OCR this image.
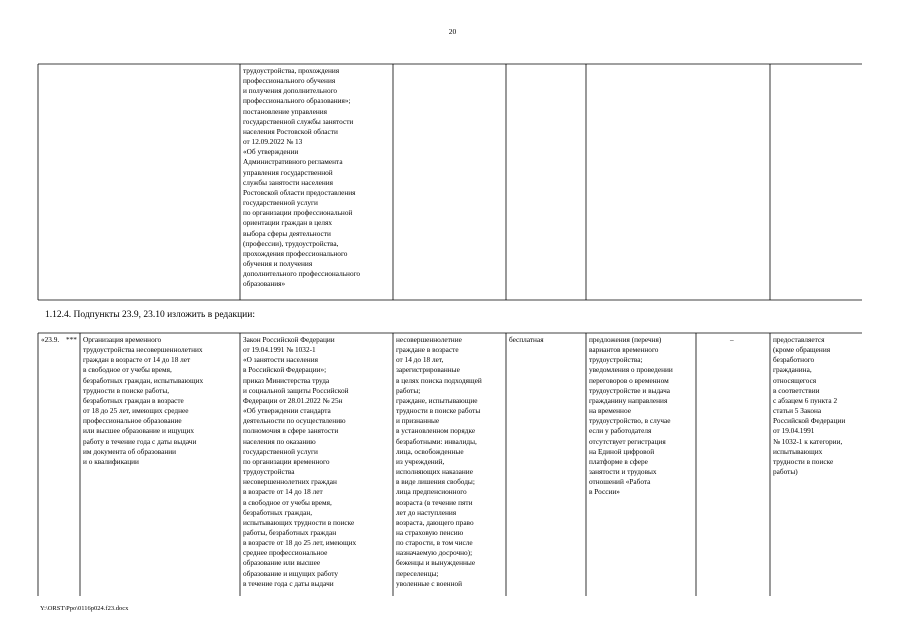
20
трудоустройства, прохождения
профессионального обучения
и получения дополнительного
профессионального образования»;
постановление управления
государственной службы занятости
населения Ростовской области
от 12.09.2022 № 13
«Об утверждении
Административного регламента
управления государственной
службы занятости населения
Ростовской области предоставления
государственной услуги
по организации профессиональной
ориентации граждан в целях
выбора сферы деятельности
(профессии), трудоустройства,
прохождения профессионального
обучения и получения
дополнительного профессионального
образования»
1.12.4. Подпункты 23.9, 23.10 изложить в редакции:
«23.9. *** Организация временного
трудоустройства несовершеннолетних
граждан в возрасте от 14 до 18 лет
в свободное от учебы время,
безработных граждан, испытывающих
трудности в поиске работы,
безработных граждан в возрасте
от 18 до 25 лет, имеющих среднее
профессиональное образование
или высшее образование и ищущих
работу в течение года с даты выдачи
им документа об образовании
и о квалификации
Закон Российской Федерации
от 19.04.1991 № 1032-1
«О занятости населения
в Российской Федерации»;
приказ Министерства труда
и социальной защиты Российской
Федерации от 28.01.2022 № 25н
«Об утверждении стандарта
деятельности по осуществлению
полномочия в сфере занятости
населения по оказанию
государственной услуги
по организации временного
трудоустройства
несовершеннолетних граждан
в возрасте от 14 до 18 лет
в свободное от учебы время,
безработных граждан,
испытывающих трудности в поиске
работы, безработных граждан
в возрасте от 18 до 25 лет, имеющих
среднее профессиональное
образование или высшее
образование и ищущих работу
в течение года с даты выдачи
несовершеннолетние
граждане в возрасте
от 14 до 18 лет,
зарегистрированные
в целях поиска подходящей
работы;
граждане, испытывающие
трудности в поиске работы
и признанные
в установленном порядке
безработными: инвалиды,
лица, освобожденные
из учреждений,
исполняющих наказание
в виде лишения свободы;
лица предпенсионного
возраста (в течение пяти
лет до наступления
возраста, дающего право
на страховую пенсию
по старости, в том числе
назначаемую досрочно);
беженцы и вынужденные
переселенцы;
уволенные с военной
бесплатная	предложения (перечня)
вариантов временного
трудоустройства;
уведомления о проведении
переговоров о временном
трудоустройстве и выдача
гражданину направления
на временное
трудоустройство, в случае
если у работодателя
отсутствует регистрация
на Единой цифровой
платформе в сфере
занятости и трудовых
отношений «Работа
в России»
–	предоставляется
(кроме обращения
безработного
гражданина,
относящегося
в соответствии
с абзацем 6 пункта 2
статьи 5 Закона
Российской Федерации
от 19.04.1991
№ 1032-1 к категории,
испытывающих
трудности в поиске
работы)
Y:\ORST\Ppo\0116p024.f23.docx
